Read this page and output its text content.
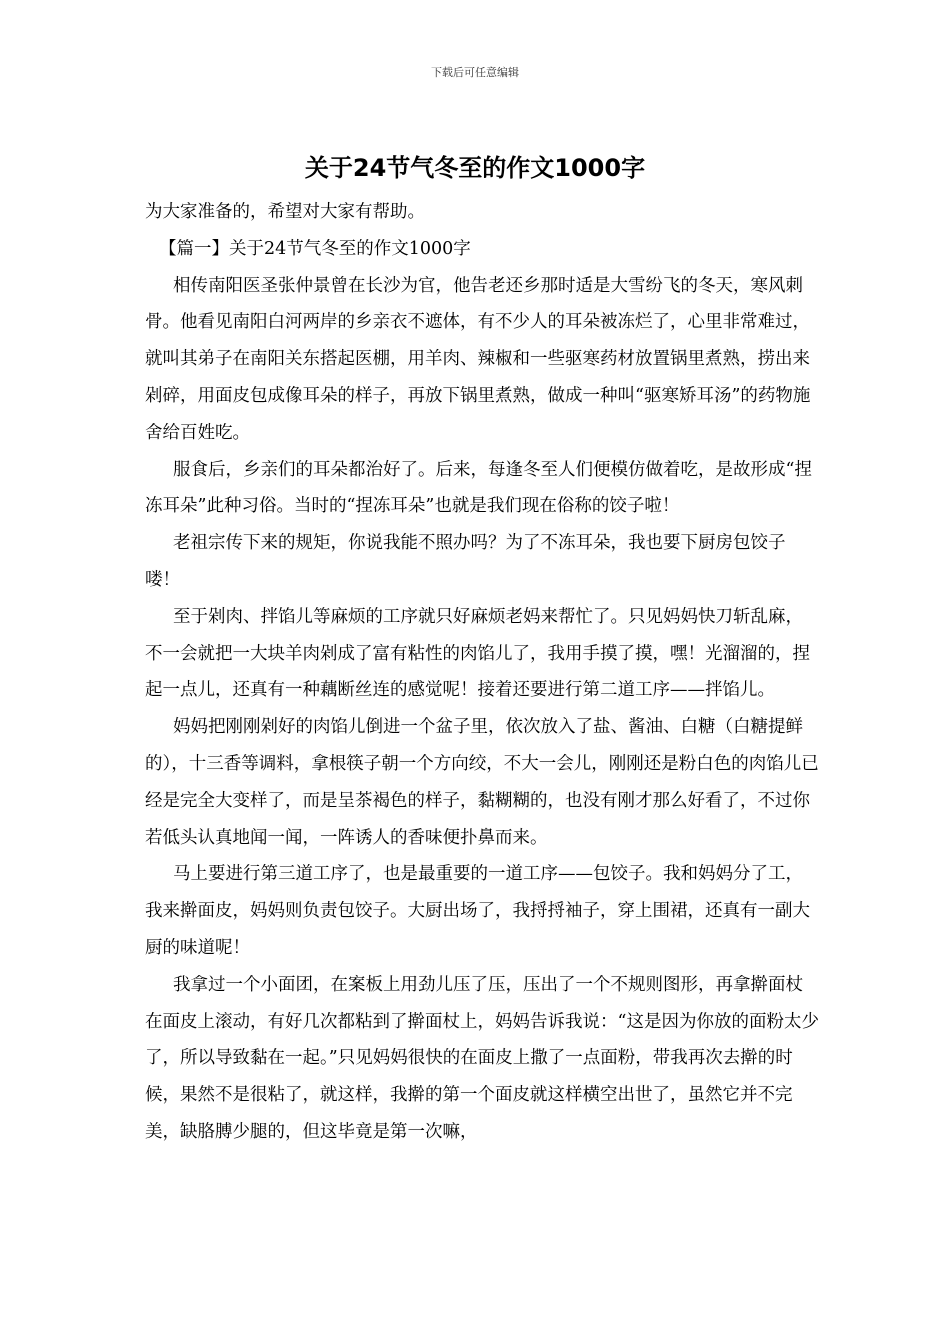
下载后可任意编辑
关于24节气冬至的作文1000字

为大家准备的，希望对大家有帮助。

【篇一】关于24节气冬至的作文1000字

相传南阳医圣张仲景曾在长沙为官，他告老还乡那时适是大雪纷飞的冬天，寒风刺骨。他看见南阳白河两岸的乡亲衣不遮体，有不少人的耳朵被冻烂了，心里非常难过，就叫其弟子在南阳关东搭起医棚，用羊肉、辣椒和一些驱寒药材放置锅里煮熟，捞出来剁碎，用面皮包成像耳朵的样子，再放下锅里煮熟，做成一种叫“驱寒矫耳汤”的药物施舍给百姓吃。

服食后，乡亲们的耳朵都治好了。后来，每逢冬至人们便模仿做着吃，是故形成“捏冻耳朵”此种习俗。当时的“捏冻耳朵”也就是我们现在俗称的饺子啦！

老祖宗传下来的规矩，你说我能不照办吗？为了不冻耳朵，我也要下厨房包饺子喽！

至于剁肉、拌馅儿等麻烦的工序就只好麻烦老妈来帮忙了。只见妈妈快刀斩乱麻，不一会就把一大块羊肉剁成了富有粘性的肉馅儿了，我用手摸了摸，嘿！光溜溜的，捏起一点儿，还真有一种藕断丝连的感觉呢！接着还要进行第二道工序——拌馅儿。

妈妈把刚刚剁好的肉馅儿倒进一个盆子里，依次放入了盐、酱油、白糖（白糖提鲜的），十三香等调料，拿根筷子朝一个方向绞，不大一会儿，刚刚还是粉白色的肉馅儿已经是完全大变样了，而是呈茶褐色的样子，黏糊糊的，也没有刚才那么好看了，不过你若低头认真地闻一闻，一阵诱人的香味便扑鼻而来。

马上要进行第三道工序了，也是最重要的一道工序——包饺子。我和妈妈分了工，我来擀面皮，妈妈则负责包饺子。大厨出场了，我捋捋袖子，穿上围裙，还真有一副大厨的味道呢！

我拿过一个小面团，在案板上用劲儿压了压，压出了一个不规则图形，再拿擀面杖在面皮上滚动，有好几次都粘到了擀面杖上，妈妈告诉我说：“这是因为你放的面粉太少了，所以导致黏在一起。”只见妈妈很快的在面皮上撒了一点面粉，带我再次去擀的时候，果然不是很粘了，就这样，我擀的第一个面皮就这样横空出世了，虽然它并不完美，缺胳膊少腿的，但这毕竟是第一次嘛，
